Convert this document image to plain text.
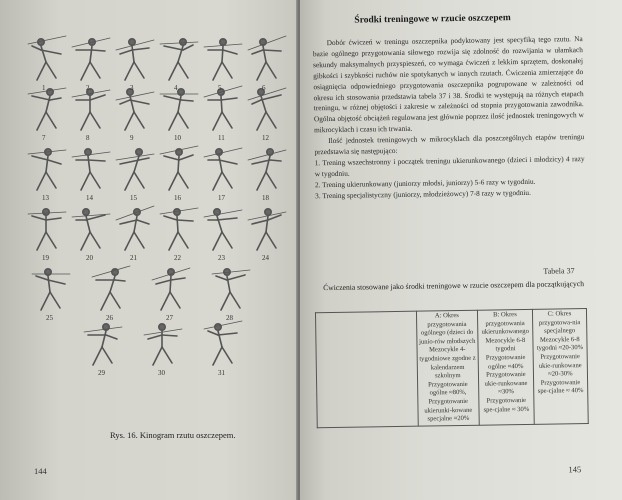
1	2	3	4	5	6
7	8	9	10	11	12
13	14	15	16	17	18
19	20	21	22	23	24
25	26	27	28
29	30	31
Rys. 16. Kinogram rzutu oszczepem.
144
Środki treningowe w rzucie oszczepem

Dobór ćwiczeń w treningu oszczepnika podyktowany jest specyfiką tego rzutu. Na bazie ogólnego przygotowania siłowego rozwija się zdolność do rozwijania w ułamkach sekundy maksymalnych przyspieszeń, co wymaga ćwiczeń z lekkim sprzętem, doskonałej gibkości i szybkości ruchów nie spotykanych w innych rzutach. Ćwiczenia zmierzające do osiągnięcia odpowiedniego przygotowania oszczepnika pogrupowane w zależności od okresu ich stosowania przedstawia tabela 37 i 38. Środki te występują na różnych etapach treningu, w różnej objętości i zakresie w zależności od stopnia przygotowania zawodnika. Ogólna objętość obciążeń regulowana jest głównie poprzez ilość jednostek treningowych w mikrocyklach i czasu ich trwania.

Ilość jednostek treningowych w mikrocyklach dla poszczególnych etapów treningu przedstawia się następująco:

1. Trening wszechstronny i początek treningu ukierunkowanego (dzieci i młodzicy) 4 razy w tygodniu.

2. Trening ukierunkowany (juniorzy młodsi, juniorzy) 5-6 razy w tygodniu.

3. Trening specjalistyczny (juniorzy, młodzieżowcy) 7-8 razy w tygodniu.

Tabela 37
Ćwiczenia stosowane jako środki treningowe w rzucie oszczepem dla początkujących

A: Okres przygotowania ogólnego (dzieci do junio-rów młodszych
Mezocykle 4-tygodniowe zgodne z kalendarzem szkolnym
Przygotowanie ogólne ≈80%,
Przygotowanie ukierunki-kowane specjalne ≈20%

B: Okres przygotowania ukierunkowanego
Mezocykle 6-8 tygodni
Przygotowanie ogólne ≈40%
Przygotowanie ukie-runkowane ≈30%
Przygotowanie spe-cjalne ≈ 30%

C: Okres przygotowa-nia specjalnego
Mezocykle 6-8 tygodni ≈20-30%
Przygotowanie ukie-runkowane ≈20-30%
Przygotowanie spe-cjalne ≈ 40%
145
